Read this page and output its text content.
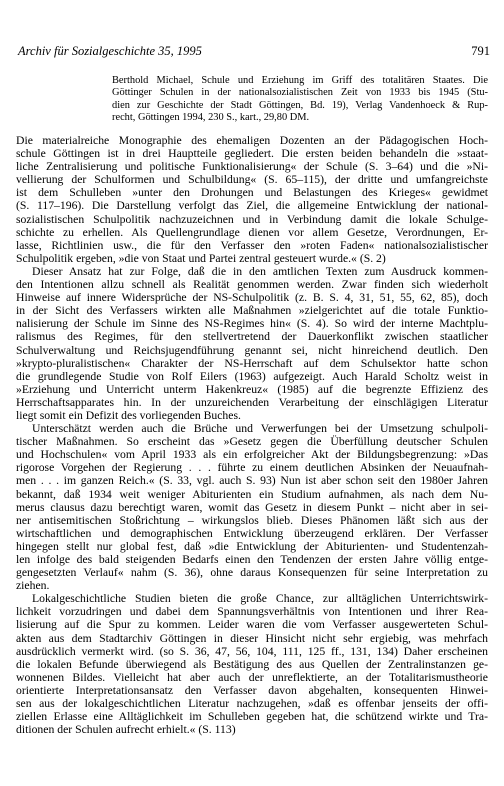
Archiv für Sozialgeschichte 35, 1995	791
Berthold Michael, Schule und Erziehung im Griff des totalitären Staates. Die
Göttinger Schulen in der nationalsozialistischen Zeit von 1933 bis 1945 (Stu-
dien zur Geschichte der Stadt Göttingen, Bd. 19), Verlag Vandenhoeck & Rup-
recht, Göttingen 1994, 230 S., kart., 29,80 DM.

Die materialreiche Monographie des ehemaligen Dozenten an der Pädagogischen Hoch-
schule Göttingen ist in drei Hauptteile gegliedert. Die ersten beiden behandeln die »staat-
liche Zentralisierung und politische Funktionalisierung« der Schule (S. 3–64) und die »Ni-
vellierung der Schulformen und Schulbildung« (S. 65–115), der dritte und umfangreichste
ist dem Schulleben »unter den Drohungen und Belastungen des Krieges« gewidmet
(S. 117–196). Die Darstellung verfolgt das Ziel, die allgemeine Entwicklung der national-
sozialistischen Schulpolitik nachzuzeichnen und in Verbindung damit die lokale Schulge-
schichte zu erhellen. Als Quellengrundlage dienen vor allem Gesetze, Verordnungen, Er-
lasse, Richtlinien usw., die für den Verfasser den »roten Faden« nationalsozialistischer
Schulpolitik ergeben, »die von Staat und Partei zentral gesteuert wurde.« (S. 2)

Dieser Ansatz hat zur Folge, daß die in den amtlichen Texten zum Ausdruck kommen-
den Intentionen allzu schnell als Realität genommen werden. Zwar finden sich wiederholt
Hinweise auf innere Widersprüche der NS-Schulpolitik (z. B. S. 4, 31, 51, 55, 62, 85), doch
in der Sicht des Verfassers wirkten alle Maßnahmen »zielgerichtet auf die totale Funktio-
nalisierung der Schule im Sinne des NS-Regimes hin« (S. 4). So wird der interne Machtplu-
ralismus des Regimes, für den stellvertretend der Dauerkonflikt zwischen staatlicher
Schulverwaltung und Reichsjugendführung genannt sei, nicht hinreichend deutlich. Den
»krypto-pluralistischen« Charakter der NS-Herrschaft auf dem Schulsektor hatte schon
die grundlegende Studie von Rolf Eilers (1963) aufgezeigt. Auch Harald Scholtz weist in
»Erziehung und Unterricht unterm Hakenkreuz« (1985) auf die begrenzte Effizienz des
Herrschaftsapparates hin. In der unzureichenden Verarbeitung der einschlägigen Literatur
liegt somit ein Defizit des vorliegenden Buches.

Unterschätzt werden auch die Brüche und Verwerfungen bei der Umsetzung schulpoli-
tischer Maßnahmen. So erscheint das »Gesetz gegen die Überfüllung deutscher Schulen
und Hochschulen« vom April 1933 als ein erfolgreicher Akt der Bildungsbegrenzung: »Das
rigorose Vorgehen der Regierung . . . führte zu einem deutlichen Absinken der Neuaufnah-
men . . . im ganzen Reich.« (S. 33, vgl. auch S. 93) Nun ist aber schon seit den 1980er Jahren
bekannt, daß 1934 weit weniger Abiturienten ein Studium aufnahmen, als nach dem Nu-
merus clausus dazu berechtigt waren, womit das Gesetz in diesem Punkt – nicht aber in sei-
ner antisemitischen Stoßrichtung – wirkungslos blieb. Dieses Phänomen läßt sich aus der
wirtschaftlichen und demographischen Entwicklung überzeugend erklären. Der Verfasser
hingegen stellt nur global fest, daß »die Entwicklung der Abiturienten- und Studentenzah-
len infolge des bald steigenden Bedarfs einen den Tendenzen der ersten Jahre völlig entge-
gengesetzten Verlauf« nahm (S. 36), ohne daraus Konsequenzen für seine Interpretation zu
ziehen.

Lokalgeschichtliche Studien bieten die große Chance, zur alltäglichen Unterrichtswirk-
lichkeit vorzudringen und dabei dem Spannungsverhältnis von Intentionen und ihrer Rea-
lisierung auf die Spur zu kommen. Leider waren die vom Verfasser ausgewerteten Schul-
akten aus dem Stadtarchiv Göttingen in dieser Hinsicht nicht sehr ergiebig, was mehrfach
ausdrücklich vermerkt wird. (so S. 36, 47, 56, 104, 111, 125 ff., 131, 134) Daher erscheinen
die lokalen Befunde überwiegend als Bestätigung des aus Quellen der Zentralinstanzen ge-
wonnenen Bildes. Vielleicht hat aber auch der unreflektierte, an der Totalitarismustheorie
orientierte Interpretationsansatz den Verfasser davon abgehalten, konsequenten Hinwei-
sen aus der lokalgeschichtlichen Literatur nachzugehen, »daß es offenbar jenseits der offi-
ziellen Erlasse eine Alltäglichkeit im Schulleben gegeben hat, die schützend wirkte und Tra-
ditionen der Schulen aufrecht erhielt.« (S. 113)
